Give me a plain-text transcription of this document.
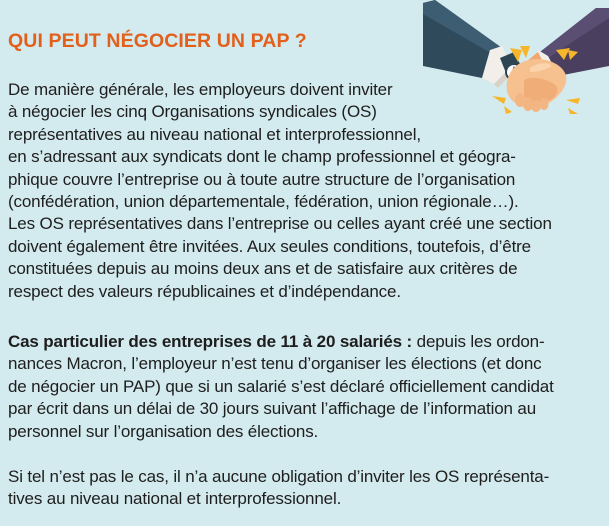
QUI PEUT NÉGOCIER UN PAP ?

De manière générale, les employeurs doivent inviter
à négocier les cinq Organisations syndicales (OS)
représentatives au niveau national et interprofessionnel,
en s’adressant aux syndicats dont le champ professionnel et géogra-
phique couvre l’entreprise ou à toute autre structure de l’organisation
(confédération, union départementale, fédération, union régionale…).
Les OS représentatives dans l’entreprise ou celles ayant créé une section
doivent également être invitées. Aux seules conditions, toutefois, d’être
constituées depuis au moins deux ans et de satisfaire aux critères de
respect des valeurs républicaines et d’indépendance.

Cas particulier des entreprises de 11 à 20 salariés : depuis les ordon-
nances Macron, l’employeur n’est tenu d’organiser les élections (et donc
de négocier un PAP) que si un salarié s’est déclaré officiellement candidat
par écrit dans un délai de 30 jours suivant l’affichage de l’information au
personnel sur l’organisation des élections.

Si tel n’est pas le cas, il n’a aucune obligation d’inviter les OS représenta-
tives au niveau national et interprofessionnel.
